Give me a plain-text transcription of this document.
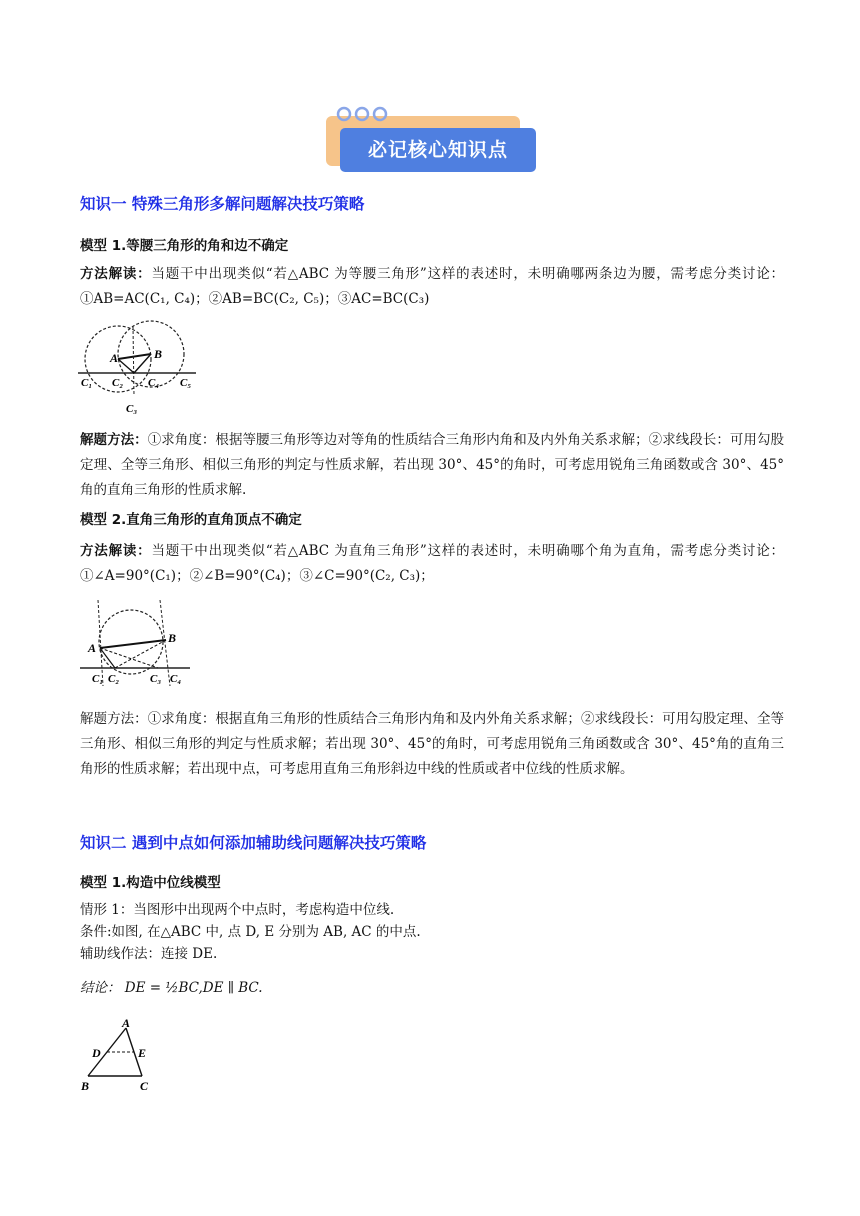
必记核心知识点
知识一 特殊三角形多解问题解决技巧策略
模型 1.等腰三角形的角和边不确定
方法解读：当题干中出现类似“若△ABC 为等腰三角形”这样的表述时，未明确哪两条边为腰，需考虑分类讨论：①AB=AC(C₁, C₄)；②AB=BC(C₂, C₅)；③AC=BC(C₃)
A	B
C₁ C₂ C₄ C₅
C₃
解题方法：①求角度：根据等腰三角形等边对等角的性质结合三角形内角和及内外角关系求解；②求线段长：可用勾股定理、全等三角形、相似三角形的判定与性质求解，若出现 30°、45°的角时，可考虑用锐角三角函数或含 30°、45°角的直角三角形的性质求解.
模型 2.直角三角形的直角顶点不确定
方法解读：当题干中出现类似“若△ABC 为直角三角形”这样的表述时，未明确哪个角为直角，需考虑分类讨论：①∠A=90°(C₁)；②∠B=90°(C₄)；③∠C=90°(C₂, C₃)；
A
B
C₁ C₂	C₃ C₄
解题方法：①求角度：根据直角三角形的性质结合三角形内角和及内外角关系求解；②求线段长：可用勾股定理、全等三角形、相似三角形的判定与性质求解；若出现 30°、45°的角时，可考虑用锐角三角函数或含 30°、45°角的直角三角形的性质求解；若出现中点，可考虑用直角三角形斜边中线的性质或者中位线的性质求解。
知识二 遇到中点如何添加辅助线问题解决技巧策略
模型 1.构造中位线模型
情形 1：当图形中出现两个中点时，考虑构造中位线.
条件:如图, 在△ABC 中, 点 D, E 分别为 AB, AC 的中点.
辅助线作法：连接 DE.
结论： DE = ½BC,DE ∥ BC.
A
D	E
B	C
